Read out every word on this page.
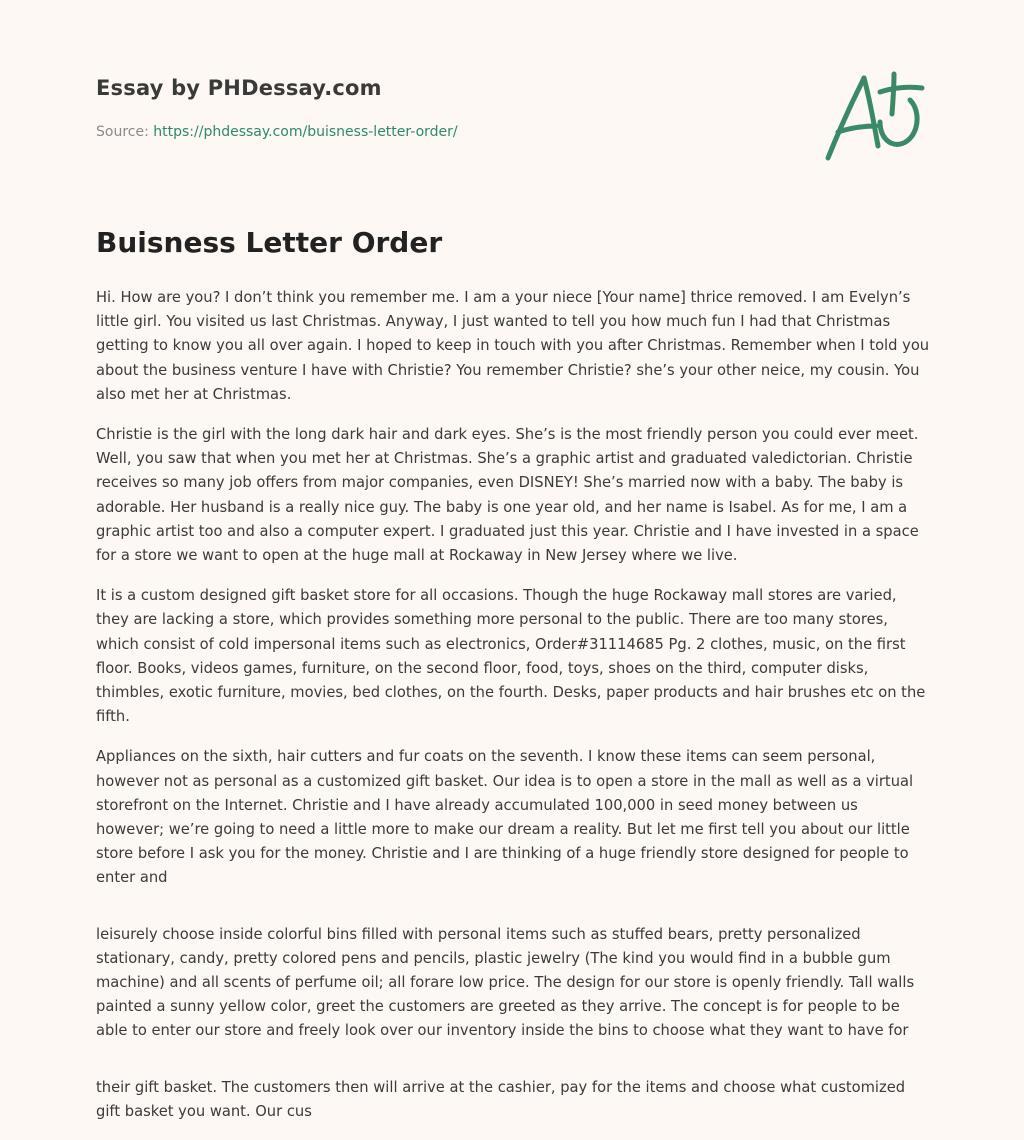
Essay by PHDessay.com
Source: https://phdessay.com/buisness-letter-order/
Buisness Letter Order

Hi. How are you? I don’t think you remember me. I am a your niece [Your name] thrice removed. I am Evelyn’s little girl. You visited us last Christmas. Anyway, I just wanted to tell you how much fun I had that Christmas getting to know you all over again. I hoped to keep in touch with you after Christmas. Remember when I told you about the business venture I have with Christie? You remember Christie? she’s your other neice, my cousin. You also met her at Christmas.

Christie is the girl with the long dark hair and dark eyes. She’s is the most friendly person you could ever meet. Well, you saw that when you met her at Christmas. She’s a graphic artist and graduated valedictorian. Christie receives so many job offers from major companies, even DISNEY! She’s married now with a baby. The baby is adorable. Her husband is a really nice guy. The baby is one year old, and her name is Isabel. As for me, I am a graphic artist too and also a computer expert. I graduated just this year. Christie and I have invested in a space for a store we want to open at the huge mall at Rockaway in New Jersey where we live.

It is a custom designed gift basket store for all occasions. Though the huge Rockaway mall stores are varied, they are lacking a store, which provides something more personal to the public. There are too many stores, which consist of cold impersonal items such as electronics, Order#31114685 Pg. 2 clothes, music, on the first floor. Books, videos games, furniture, on the second floor, food, toys, shoes on the third, computer disks, thimbles, exotic furniture, movies, bed clothes, on the fourth. Desks, paper products and hair brushes etc on the fifth.

Appliances on the sixth, hair cutters and fur coats on the seventh. I know these items can seem personal, however not as personal as a customized gift basket. Our idea is to open a store in the mall as well as a virtual storefront on the Internet. Christie and I have already accumulated 100,000 in seed money between us however; we’re going to need a little more to make our dream a reality. But let me first tell you about our little store before I ask you for the money. Christie and I are thinking of a huge friendly store designed for people to enter and

leisurely choose inside colorful bins filled with personal items such as stuffed bears, pretty personalized stationary, candy, pretty colored pens and pencils, plastic jewelry (The kind you would find in a bubble gum machine) and all scents of perfume oil; all forare low price. The design for our store is openly friendly. Tall walls painted a sunny yellow color, greet the customers are greeted as they arrive. The concept is for people to be able to enter our store and freely look over our inventory inside the bins to choose what they want to have for

their gift basket. The customers then will arrive at the cashier, pay for the items and choose what customized gift basket you want. Our cus
